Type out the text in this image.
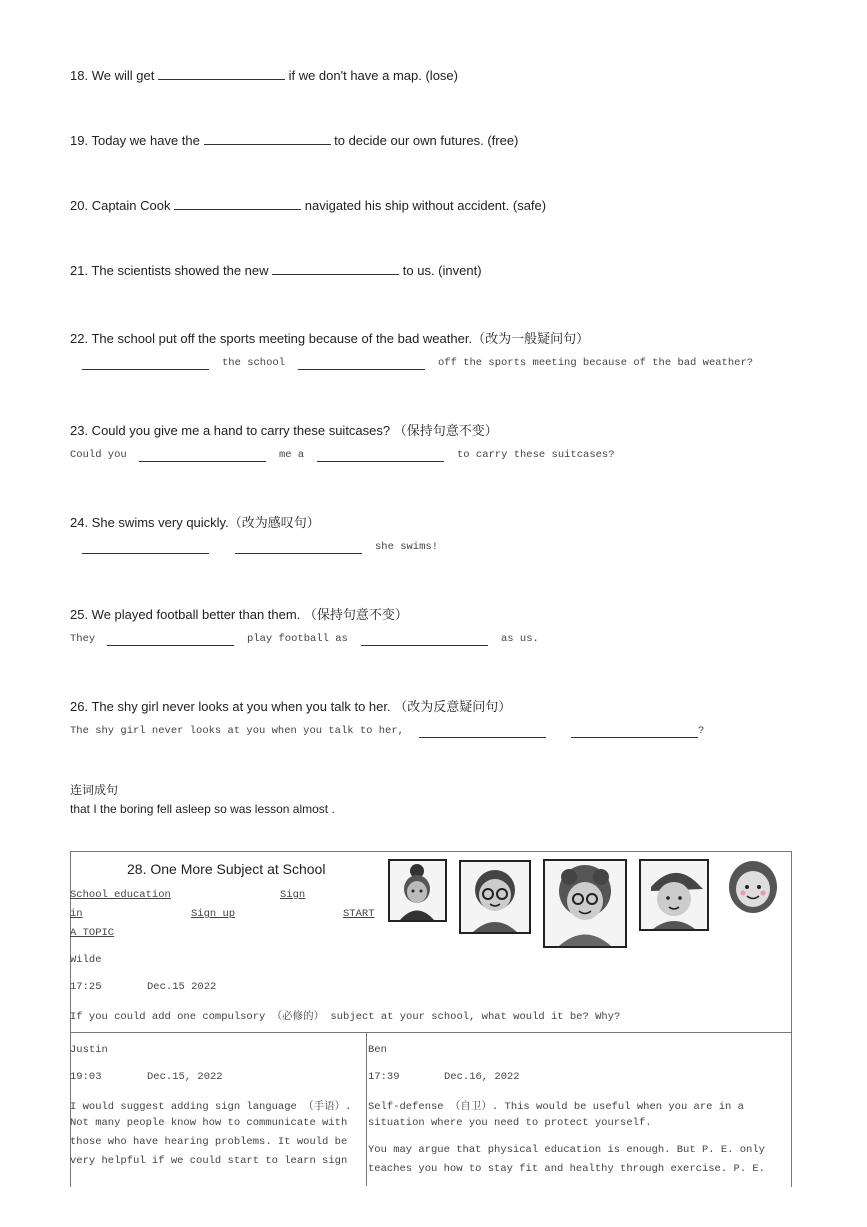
18. We will get	if we don't have a map. (lose)
19. Today we have the	to decide our own futures. (free)
20. Captain Cook	navigated his ship without accident. (safe)
21. The scientists showed the new	to us. (invent)
22. The school put off the sports meeting because of the bad weather.（改为一般疑问句）
the school	off the sports meeting because of the bad weather?
23. Could you give me a hand to carry these suitcases? （保持句意不变）
Could you	me a	to carry these suitcases?
24. She swims very quickly.（改为感叹句）
she swims!
25. We played football better than them. （保持句意不变）
They	play football as	as us.
26. The shy girl never looks at you when you talk to her. （改为反意疑问句）
The shy girl never looks at you when you talk to her,	?
连词成句
that I the boring fell asleep so was lesson almost .
28. One More Subject at School
School education	Sign
in	Sign up	START
A TOPIC
Wilde
17:25	Dec.15 2022
If you could add one compulsory （必修的） subject at your school, what would it be? Why?
Justin
19:03	Dec.15, 2022
I would suggest adding sign language （手语）.
Not many people know how to communicate with
those who have hearing problems. It would be
very helpful if we could start to learn sign
Ben
17:39	Dec.16, 2022
Self-defense （自卫）. This would be useful when you are in a
situation where you need to protect yourself.
You may argue that physical education is enough. But P. E. only
teaches you how to stay fit and healthy through exercise. P. E.
